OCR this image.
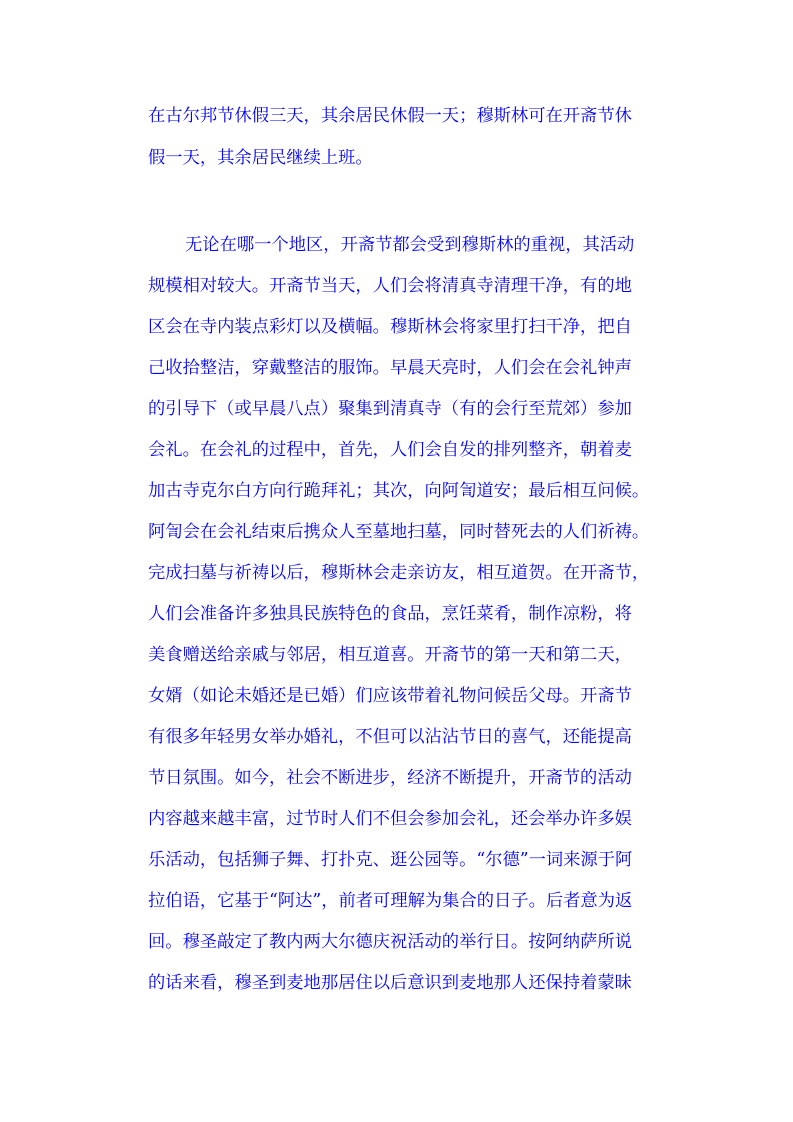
在古尔邦节休假三天，其余居民休假一天；穆斯林可在开斋节休
假一天，其余居民继续上班。
无论在哪一个地区，开斋节都会受到穆斯林的重视，其活动
规模相对较大。开斋节当天，人们会将清真寺清理干净，有的地
区会在寺内装点彩灯以及横幅。穆斯林会将家里打扫干净，把自
己收拾整洁，穿戴整洁的服饰。早晨天亮时，人们会在会礼钟声
的引导下（或早晨八点）聚集到清真寺（有的会行至荒郊）参加
会礼。在会礼的过程中，首先，人们会自发的排列整齐，朝着麦
加古寺克尔白方向行跪拜礼；其次，向阿訇道安；最后相互问候。
阿訇会在会礼结束后携众人至墓地扫墓，同时替死去的人们祈祷。
完成扫墓与祈祷以后，穆斯林会走亲访友，相互道贺。在开斋节，
人们会准备许多独具民族特色的食品，烹饪菜肴，制作凉粉，将
美食赠送给亲戚与邻居，相互道喜。开斋节的第一天和第二天，
女婿（如论未婚还是已婚）们应该带着礼物问候岳父母。开斋节
有很多年轻男女举办婚礼，不但可以沾沾节日的喜气，还能提高
节日氛围。如今，社会不断进步，经济不断提升，开斋节的活动
内容越来越丰富，过节时人们不但会参加会礼，还会举办许多娱
乐活动，包括狮子舞、打扑克、逛公园等。“尔德”一词来源于阿
拉伯语，它基于“阿达”，前者可理解为集合的日子。后者意为返
回。穆圣敲定了教内两大尔德庆祝活动的举行日。按阿纳萨所说
的话来看，穆圣到麦地那居住以后意识到麦地那人还保持着蒙昧
